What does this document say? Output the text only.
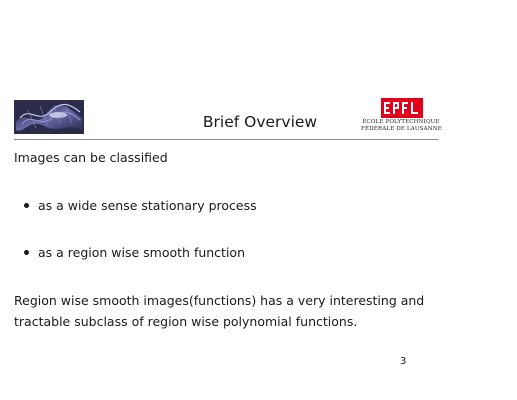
Brief Overview	ÉCOLE POLYTECHNIQUE
FÉDÉRALE DE LAUSANNE
Images can be classified
as a wide sense stationary process
as a region wise smooth function
Region wise smooth images(functions) has a very interesting and
tractable subclass of region wise polynomial functions.
3
